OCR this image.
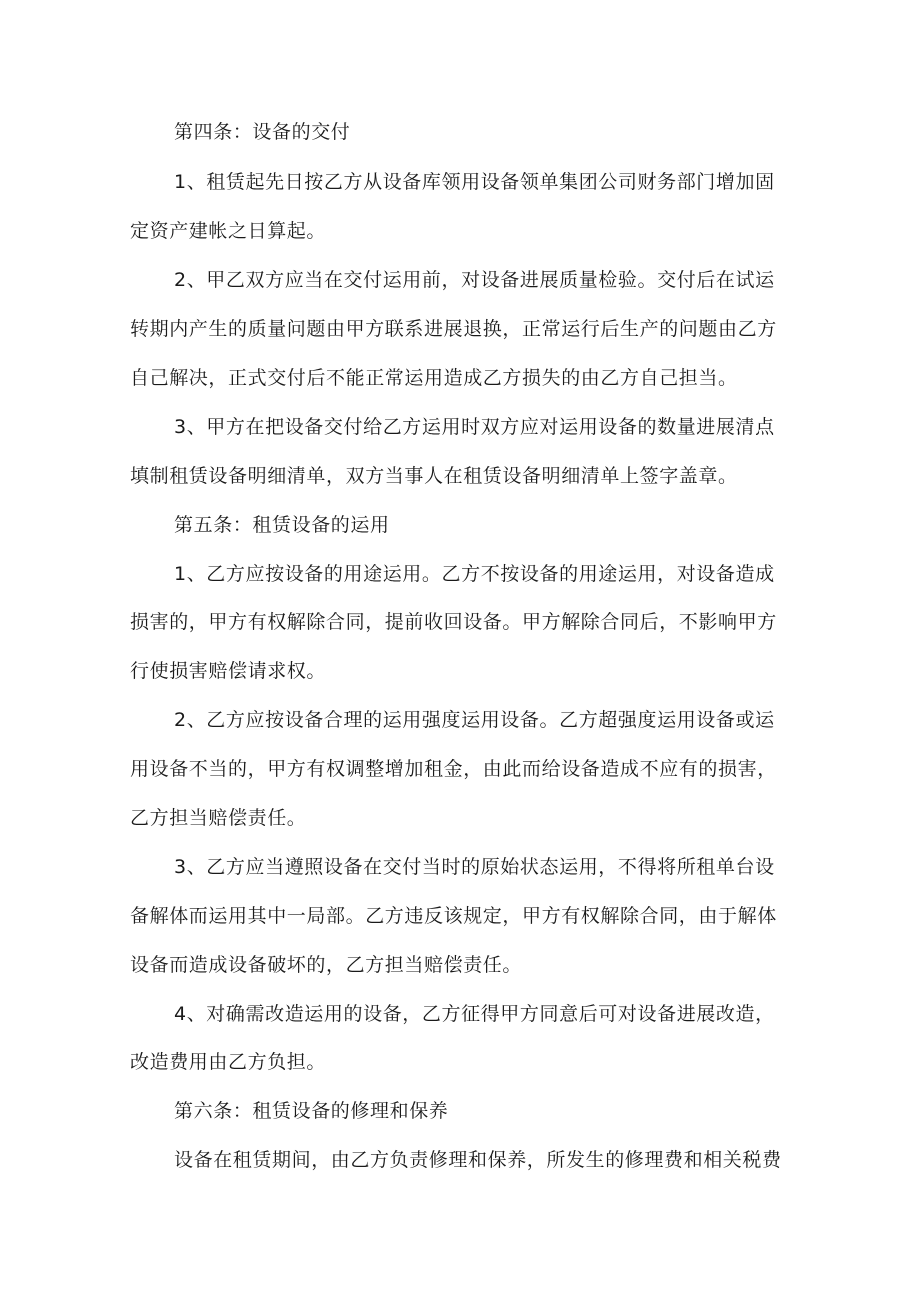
第四条：设备的交付
1、租赁起先日按乙方从设备库领用设备领单集团公司财务部门增加固
定资产建帐之日算起。
2、甲乙双方应当在交付运用前，对设备进展质量检验。交付后在试运
转期内产生的质量问题由甲方联系进展退换，正常运行后生产的问题由乙方
自己解决，正式交付后不能正常运用造成乙方损失的由乙方自己担当。
3、甲方在把设备交付给乙方运用时双方应对运用设备的数量进展清点
填制租赁设备明细清单，双方当事人在租赁设备明细清单上签字盖章。
第五条：租赁设备的运用
1、乙方应按设备的用途运用。乙方不按设备的用途运用，对设备造成
损害的，甲方有权解除合同，提前收回设备。甲方解除合同后，不影响甲方
行使损害赔偿请求权。
2、乙方应按设备合理的运用强度运用设备。乙方超强度运用设备或运
用设备不当的，甲方有权调整增加租金，由此而给设备造成不应有的损害，
乙方担当赔偿责任。
3、乙方应当遵照设备在交付当时的原始状态运用，不得将所租单台设
备解体而运用其中一局部。乙方违反该规定，甲方有权解除合同，由于解体
设备而造成设备破坏的，乙方担当赔偿责任。
4、对确需改造运用的设备，乙方征得甲方同意后可对设备进展改造，
改造费用由乙方负担。
第六条：租赁设备的修理和保养
设备在租赁期间，由乙方负责修理和保养，所发生的修理费和相关税费
